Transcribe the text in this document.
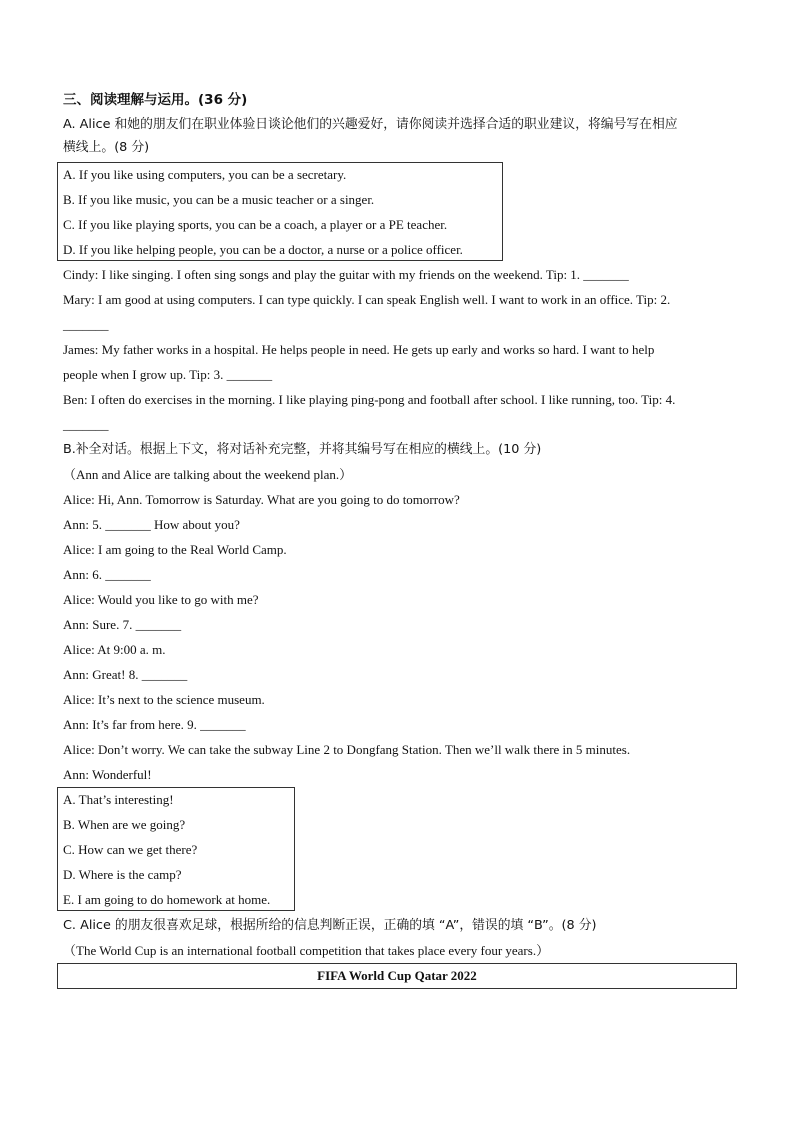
三、阅读理解与运用。(36 分)
A. Alice 和她的朋友们在职业体验日谈论他们的兴趣爱好，请你阅读并选择合适的职业建议，将编号写在相应
横线上。(8 分)
A. If you like using computers, you can be a secretary.
B. If you like music, you can be a music teacher or a singer.
C. If you like playing sports, you can be a coach, a player or a PE teacher.
D. If you like helping people, you can be a doctor, a nurse or a police officer.
Cindy: I like singing. I often sing songs and play the guitar with my friends on the weekend. Tip: 1. _______
Mary: I am good at using computers. I can type quickly. I can speak English well. I want to work in an office. Tip: 2.
_______
James: My father works in a hospital. He helps people in need. He gets up early and works so hard. I want to help
people when I grow up. Tip: 3. _______
Ben: I often do exercises in the morning. I like playing ping-pong and football after school. I like running, too. Tip: 4.
_______
B.补全对话。根据上下文，将对话补充完整，并将其编号写在相应的横线上。(10 分)
（Ann and Alice are talking about the weekend plan.）
Alice: Hi, Ann. Tomorrow is Saturday. What are you going to do tomorrow?
Ann: 5. _______ How about you?
Alice: I am going to the Real World Camp.
Ann: 6. _______
Alice: Would you like to go with me?
Ann: Sure. 7. _______
Alice: At 9:00 a. m.
Ann: Great! 8. _______
Alice: It’s next to the science museum.
Ann: It’s far from here. 9. _______
Alice: Don’t worry. We can take the subway Line 2 to Dongfang Station. Then we’ll walk there in 5 minutes.
Ann: Wonderful!
A. That’s interesting!
B. When are we going?
C. How can we get there?
D. Where is the camp?
E. I am going to do homework at home.
C. Alice 的朋友很喜欢足球，根据所给的信息判断正误，正确的填 “A”，错误的填 “B”。(8 分)
（The World Cup is an international football competition that takes place every four years.）
FIFA World Cup Qatar 2022
